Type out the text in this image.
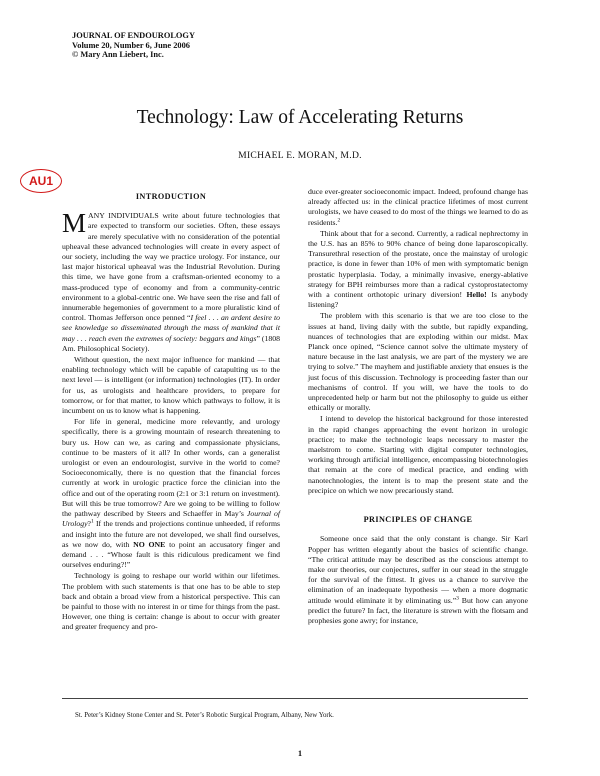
JOURNAL OF ENDOUROLOGY
Volume 20, Number 6, June 2006
© Mary Ann Liebert, Inc.
Technology: Law of Accelerating Returns
MICHAEL E. MORAN, M.D.
AU1
INTRODUCTION

MANY INDIVIDUALS write about future technologies that are expected to transform our societies. Often, these essays are merely speculative with no consideration of the potential upheaval these advanced technologies will create in every aspect of our society, including the way we practice urology. For instance, our last major historical upheaval was the Industrial Revolution. During this time, we have gone from a craftsman-oriented economy to a mass-produced type of economy and from a community-centric environment to a global-centric one. We have seen the rise and fall of innumerable hegemonies of government to a more pluralistic kind of control. Thomas Jefferson once penned “I feel . . . an ardent desire to see knowledge so disseminated through the mass of mankind that it may . . . reach even the extremes of society: beggars and kings” (1808 Am. Philosophical Society).

Without question, the next major influence for mankind — that enabling technology which will be capable of catapulting us to the next level — is intelligent (or information) technologies (IT). In order for us, as urologists and healthcare providers, to prepare for tomorrow, or for that matter, to know which pathways to follow, it is incumbent on us to know what is happening.

For life in general, medicine more relevantly, and urology specifically, there is a growing mountain of research threatening to bury us. How can we, as caring and compassionate physicians, continue to be masters of it all? In other words, can a generalist urologist or even an endourologist, survive in the world to come? Socioeconomically, there is no question that the financial forces currently at work in urologic practice force the clinician into the office and out of the operating room (2:1 or 3:1 return on investment). But will this be true tomorrow? Are we going to be willing to follow the pathway described by Steers and Schaeffer in May’s Journal of Urology?$^1$ If the trends and projections continue unheeded, if reforms and insight into the future are not developed, we shall find ourselves, as we now do, with NO ONE to point an accusatory finger and demand . . . “Whose fault is this ridiculous predicament we find ourselves enduring?!”

Technology is going to reshape our world within our lifetimes. The problem with such statements is that one has to be able to step back and obtain a broad view from a historical perspective. This can be painful to those with no interest in or time for things from the past. However, one thing is certain: change is about to occur with greater and greater frequency and pro-

duce ever-greater socioeconomic impact. Indeed, profound change has already affected us: in the clinical practice lifetimes of most current urologists, we have ceased to do most of the things we learned to do as residents.$^2$

Think about that for a second. Currently, a radical nephrectomy in the U.S. has an 85% to 90% chance of being done laparoscopically. Transurethral resection of the prostate, once the mainstay of urologic practice, is done in fewer than 10% of men with symptomatic benign prostatic hyperplasia. Today, a minimally invasive, energy-ablative strategy for BPH reimburses more than a radical cystoprostatectomy with a continent orthotopic urinary diversion! Hello! Is anybody listening?

The problem with this scenario is that we are too close to the issues at hand, living daily with the subtle, but rapidly expanding, nuances of technologies that are exploding within our midst. Max Planck once opined, “Science cannot solve the ultimate mystery of nature because in the last analysis, we are part of the mystery we are trying to solve.” The mayhem and justifiable anxiety that ensues is the just focus of this discussion. Technology is proceeding faster than our mechanisms of control. If you will, we have the tools to do unprecedented help or harm but not the philosophy to guide us either ethically or morally.

I intend to develop the historical background for those interested in the rapid changes approaching the event horizon in urologic practice; to make the technologic leaps necessary to master the maelstrom to come. Starting with digital computer technologies, working through artificial intelligence, encompassing biotechnologies that remain at the core of medical practice, and ending with nanotechnologies, the intent is to map the present state and the precipice on which we now precariously stand.

PRINCIPLES OF CHANGE

Someone once said that the only constant is change. Sir Karl Popper has written elegantly about the basics of scientific change. “The critical attitude may be described as the conscious attempt to make our theories, our conjectures, suffer in our stead in the struggle for the survival of the fittest. It gives us a chance to survive the elimination of an inadequate hypothesis — when a more dogmatic attitude would eliminate it by eliminating us.”$^3$ But how can anyone predict the future? In fact, the literature is strewn with the flotsam and prophesies gone awry; for instance,

St. Peter’s Kidney Stone Center and St. Peter’s Robotic Surgical Program, Albany, New York.
1
